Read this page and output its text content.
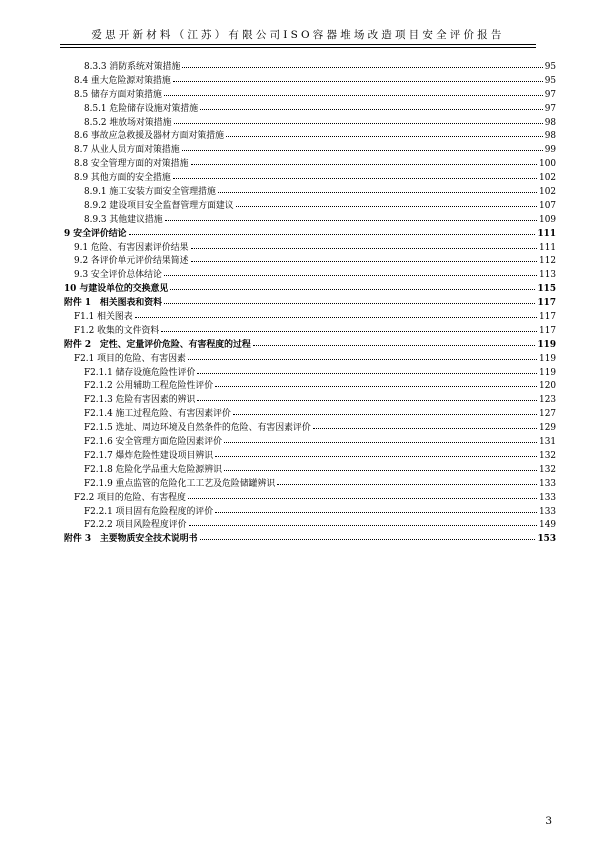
爱思开新材料（江苏）有限公司ISO容器堆场改造项目安全评价报告
8.3.3 消防系统对策措施	95
8.4 重大危险源对策措施	95
8.5 储存方面对策措施	97
8.5.1 危险储存设施对策措施	97
8.5.2 堆放场对策措施	98
8.6 事故应急救援及器材方面对策措施	98
8.7 从业人员方面对策措施	99
8.8 安全管理方面的对策措施	100
8.9 其他方面的安全措施	102
8.9.1 施工安装方面安全管理措施	102
8.9.2 建设项目安全监督管理方面建议	107
8.9.3 其他建议措施	109
9 安全评价结论	111
9.1 危险、有害因素评价结果	111
9.2 各评价单元评价结果简述	112
9.3 安全评价总体结论	113
10 与建设单位的交换意见	115
附件 1　相关图表和资料	117
F1.1 相关图表	117
F1.2 收集的文件资料	117
附件 2　定性、定量评价危险、有害程度的过程	119
F2.1 项目的危险、有害因素	119
F2.1.1 储存设施危险性评价	119
F2.1.2 公用辅助工程危险性评价	120
F2.1.3 危险有害因素的辨识	123
F2.1.4 施工过程危险、有害因素评价	127
F2.1.5 选址、周边环境及自然条件的危险、有害因素评价	129
F2.1.6 安全管理方面危险因素评价	131
F2.1.7 爆炸危险性建设项目辨识	132
F2.1.8 危险化学品重大危险源辨识	132
F2.1.9 重点监管的危险化工工艺及危险储罐辨识	133
F2.2 项目的危险、有害程度	133
F2.2.1 项目固有危险程度的评价	133
F2.2.2 项目风险程度评价	149
附件 3　主要物质安全技术说明书	153
3
